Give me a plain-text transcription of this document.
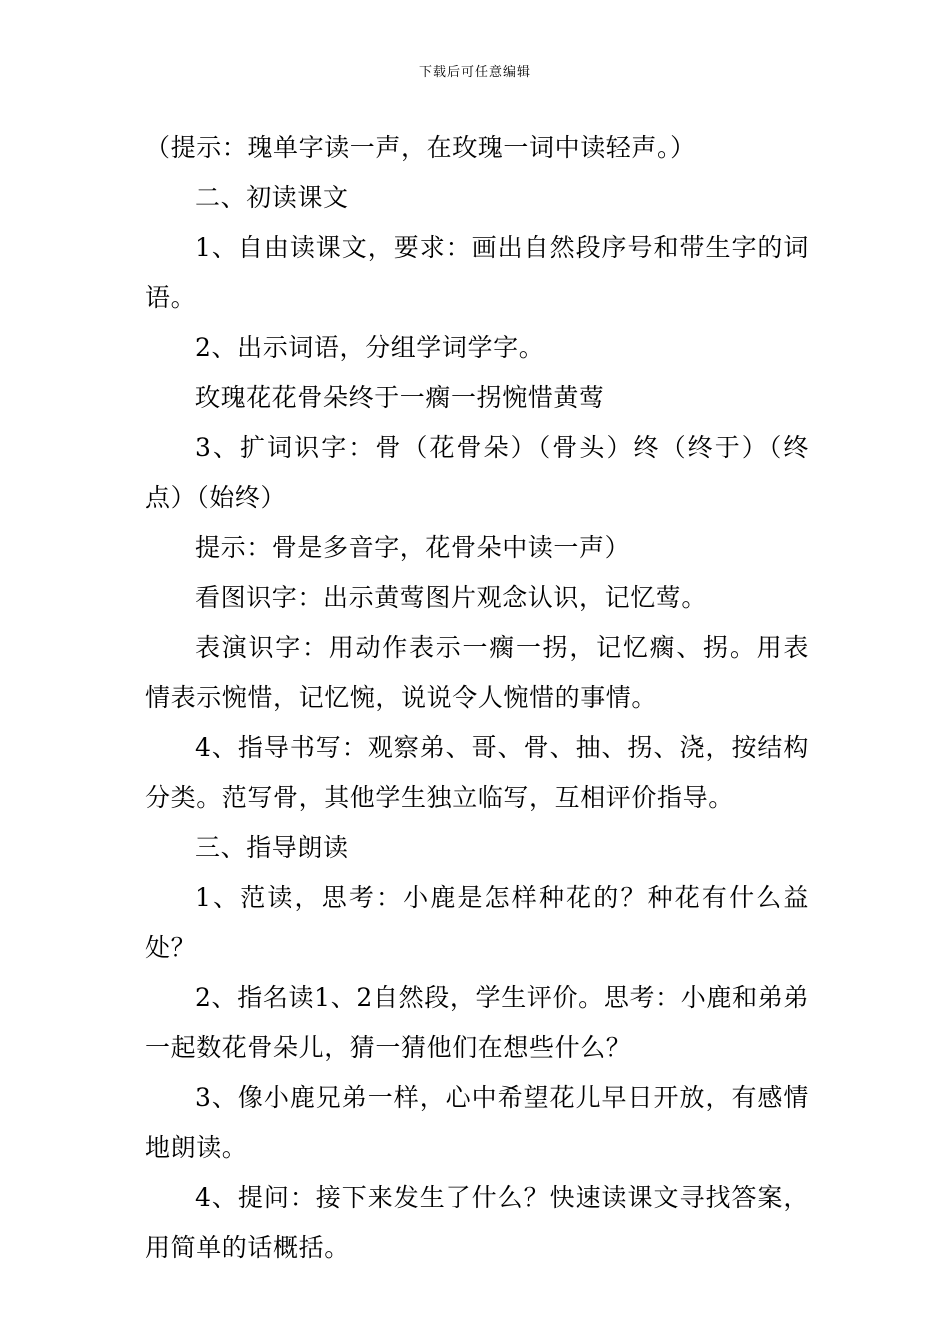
下载后可任意编辑

（提示：瑰单字读一声，在玫瑰一词中读轻声。）

二、初读课文

1、自由读课文，要求：画出自然段序号和带生字的词语。

2、出示词语，分组学词学字。

玫瑰花花骨朵终于一瘸一拐惋惜黄莺

3、扩词识字：骨（花骨朵）（骨头）终（终于）（终点）（始终）

提示：骨是多音字，花骨朵中读一声）

看图识字：出示黄莺图片观念认识，记忆莺。

表演识字：用动作表示一瘸一拐，记忆瘸、拐。用表情表示惋惜，记忆惋，说说令人惋惜的事情。

4、指导书写：观察弟、哥、骨、抽、拐、浇，按结构分类。范写骨，其他学生独立临写，互相评价指导。

三、指导朗读

1、范读，思考：小鹿是怎样种花的？种花有什么益处？

2、指名读1、2自然段，学生评价。思考：小鹿和弟弟一起数花骨朵儿，猜一猜他们在想些什么？

3、像小鹿兄弟一样，心中希望花儿早日开放，有感情地朗读。

4、提问：接下来发生了什么？快速读课文寻找答案，用简单的话概括。
